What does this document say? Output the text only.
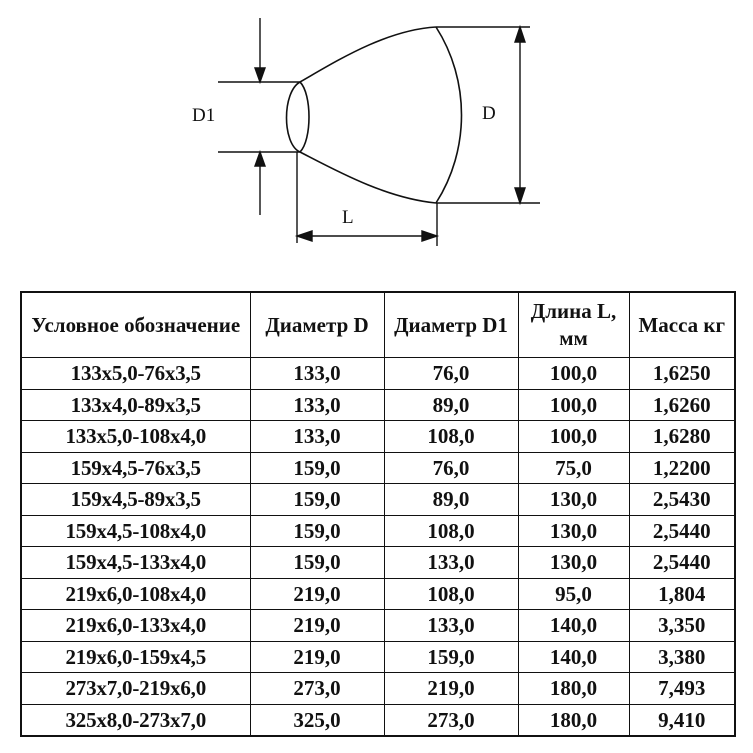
D1	D
L
Условное обозначение	Диаметр D	Диаметр D1	Длина L, мм	Масса кг
133x5,0-76x3,5	133,0	76,0	100,0	1,6250
133x4,0-89x3,5	133,0	89,0	100,0	1,6260
133x5,0-108x4,0	133,0	108,0	100,0	1,6280
159x4,5-76x3,5	159,0	76,0	75,0	1,2200
159x4,5-89x3,5	159,0	89,0	130,0	2,5430
159x4,5-108x4,0	159,0	108,0	130,0	2,5440
159x4,5-133x4,0	159,0	133,0	130,0	2,5440
219x6,0-108x4,0	219,0	108,0	95,0	1,804
219x6,0-133x4,0	219,0	133,0	140,0	3,350
219x6,0-159x4,5	219,0	159,0	140,0	3,380
273x7,0-219x6,0	273,0	219,0	180,0	7,493
325x8,0-273x7,0	325,0	273,0	180,0	9,410
